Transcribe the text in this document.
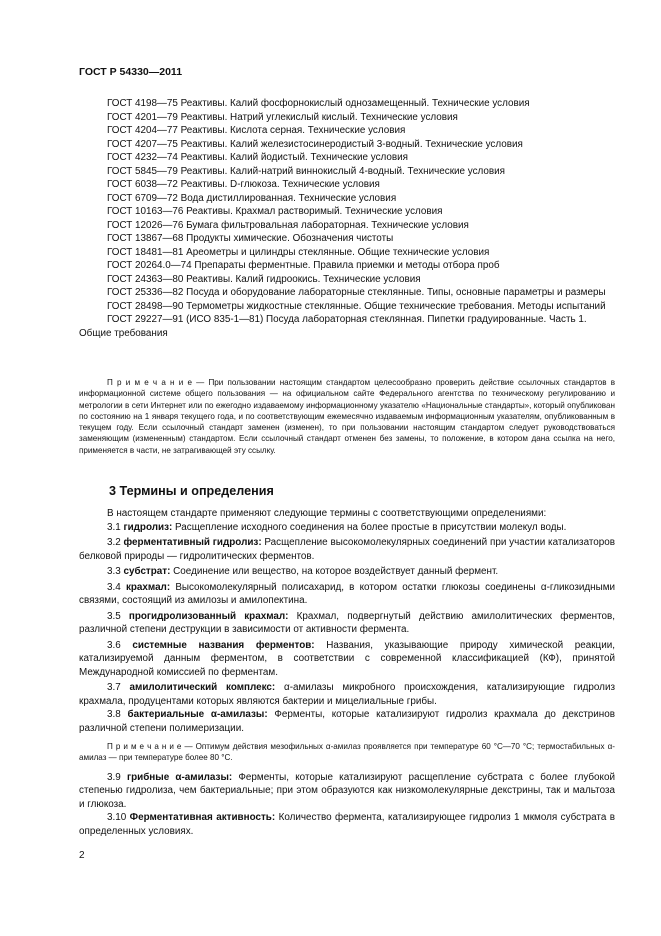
ГОСТ Р 54330—2011

ГОСТ 4198—75 Реактивы. Калий фосфорнокислый однозамещенный. Технические условия

ГОСТ 4201—79 Реактивы. Натрий углекислый кислый. Технические условия

ГОСТ 4204—77 Реактивы. Кислота серная. Технические условия

ГОСТ 4207—75 Реактивы. Калий железистосинеродистый 3-водный. Технические условия

ГОСТ 4232—74 Реактивы. Калий йодистый. Технические условия

ГОСТ 5845—79 Реактивы. Калий-натрий виннокислый 4-водный. Технические условия

ГОСТ 6038—72 Реактивы. D-глюкоза. Технические условия

ГОСТ 6709—72 Вода дистиллированная. Технические условия

ГОСТ 10163—76 Реактивы. Крахмал растворимый. Технические условия

ГОСТ 12026—76 Бумага фильтровальная лабораторная. Технические условия

ГОСТ 13867—68 Продукты химические. Обозначения чистоты

ГОСТ 18481—81 Ареометры и цилиндры стеклянные. Общие технические условия

ГОСТ 20264.0—74 Препараты ферментные. Правила приемки и методы отбора проб

ГОСТ 24363—80 Реактивы. Калий гидроокись. Технические условия

ГОСТ 25336—82 Посуда и оборудование лабораторные стеклянные. Типы, основные параметры и размеры

ГОСТ 28498—90 Термометры жидкостные стеклянные. Общие технические требования. Методы испытаний

ГОСТ 29227—91 (ИСО 835-1—81) Посуда лабораторная стеклянная. Пипетки градуированные. Часть 1. Общие требования

П р и м е ч а н и е — При пользовании настоящим стандартом целесообразно проверить действие ссылочных стандартов в информационной системе общего пользования — на официальном сайте Федерального агентства по техническому регулированию и метрологии в сети Интернет или по ежегодно издаваемому информационному указателю «Национальные стандарты», который опубликован по состоянию на 1 января текущего года, и по соответствующим ежемесячно издаваемым информационным указателям, опубликованным в текущем году. Если ссылочный стандарт заменен (изменен), то при пользовании настоящим стандартом следует руководствоваться заменяющим (измененным) стандартом. Если ссылочный стандарт отменен без замены, то положение, в котором дана ссылка на него, применяется в части, не затрагивающей эту ссылку.

3 Термины и определения

В настоящем стандарте применяют следующие термины с соответствующими определениями:

3.1 гидролиз: Расщепление исходного соединения на более простые в присутствии молекул воды.

3.2 ферментативный гидролиз: Расщепление высокомолекулярных соединений при участии катализаторов белковой природы — гидролитических ферментов.

3.3 субстрат: Соединение или вещество, на которое воздействует данный фермент.

3.4 крахмал: Высокомолекулярный полисахарид, в котором остатки глюкозы соединены α-гликозидными связями, состоящий из амилозы и амилопектина.

3.5 прогидролизованный крахмал: Крахмал, подвергнутый действию амилолитических ферментов, различной степени деструкции в зависимости от активности фермента.

3.6 системные названия ферментов: Названия, указывающие природу химической реакции, катализируемой данным ферментом, в соответствии с современной классификацией (КФ), принятой Международной комиссией по ферментам.

3.7 амилолитический комплекс: α-амилазы микробного происхождения, катализирующие гидролиз крахмала, продуцентами которых являются бактерии и мицелиальные грибы.

3.8 бактериальные α-амилазы: Ферменты, которые катализируют гидролиз крахмала до декстринов различной степени полимеризации.

П р и м е ч а н и е — Оптимум действия мезофильных α-амилаз проявляется при температуре 60 °С—70 °С; термостабильных α-амилаз — при температуре более 80 °С.

3.9 грибные α-амилазы: Ферменты, которые катализируют расщепление субстрата с более глубокой степенью гидролиза, чем бактериальные; при этом образуются как низкомолекулярные декстрины, так и мальтоза и глюкоза.

3.10 Ферментативная активность: Количество фермента, катализирующее гидролиз 1 мкмоля субстрата в определенных условиях.

2
